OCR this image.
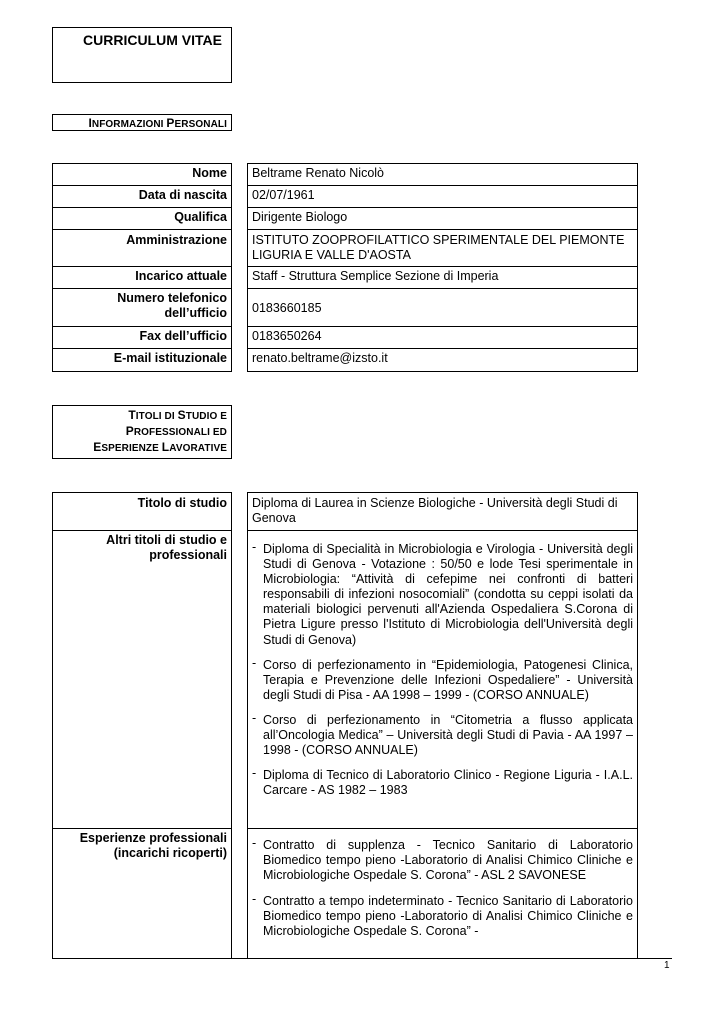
CURRICULUM VITAE
INFORMAZIONI PERSONALI
Nome	Beltrame Renato Nicolò
Data di nascita	02/07/1961
Qualifica	Dirigente Biologo
Amministrazione	ISTITUTO ZOOPROFILATTICO SPERIMENTALE DEL PIEMONTE LIGURIA E VALLE D'AOSTA
Incarico attuale	Staff - Struttura Semplice Sezione di Imperia
Numero telefonico dell’ufficio	0183660185
Fax dell’ufficio	0183650264
E-mail istituzionale	renato.beltrame@izsto.it
TITOLI DI STUDIO E
PROFESSIONALI ED
ESPERIENZE LAVORATIVE
Titolo di studio	Diploma di Laurea in Scienze Biologiche - Università degli Studi di Genova
Altri titoli di studio e professionali
-	Diploma di Specialità in Microbiologia e Virologia - Università degli Studi di Genova - Votazione : 50/50 e lode Tesi sperimentale in Microbiologia: “Attività di cefepime nei confronti di batteri responsabili di infezioni nosocomiali” (condotta su ceppi isolati da materiali biologici pervenuti all'Azienda Ospedaliera S.Corona di Pietra Ligure presso l'Istituto di Microbiologia dell'Università degli Studi di Genova)
- Corso di perfezionamento in “Epidemiologia, Patogenesi Clinica, Terapia e Prevenzione delle Infezioni Ospedaliere” - Università degli Studi di Pisa - AA 1998 – 1999 - (CORSO ANNUALE)
- Corso di perfezionamento in “Citometria a flusso applicata all’Oncologia Medica” – Università degli Studi di Pavia - AA 1997 – 1998 - (CORSO ANNUALE)
- Diploma di Tecnico di Laboratorio Clinico - Regione Liguria - I.A.L. Carcare - AS 1982 – 1983
Esperienze professionali (incarichi ricoperti)
- Contratto di supplenza - Tecnico Sanitario di Laboratorio Biomedico tempo pieno -Laboratorio di Analisi Chimico Cliniche e Microbiologiche Ospedale S. Corona” - ASL 2 SAVONESE
- Contratto a tempo indeterminato - Tecnico Sanitario di Laboratorio Biomedico tempo pieno -Laboratorio di Analisi Chimico Cliniche e Microbiologiche Ospedale S. Corona” -
1
